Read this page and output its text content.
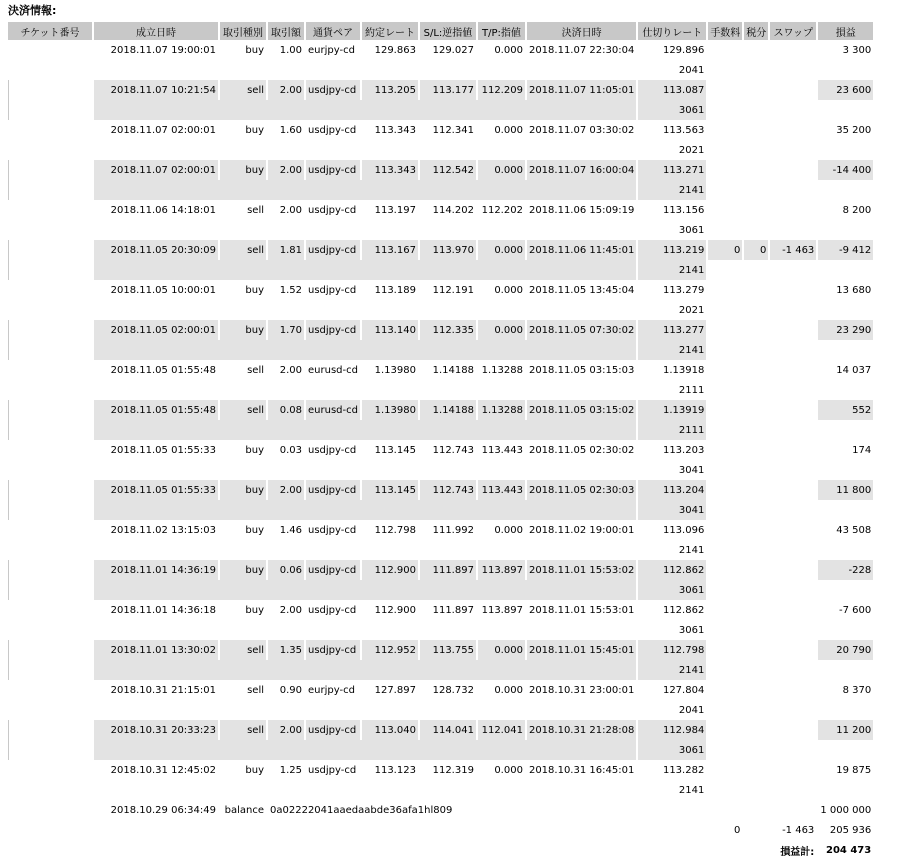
決済情報:
チケット番号	成立日時	取引種別	取引額	通貨ペア	約定レート	S/L:逆指値	T/P:指値	決済日時	仕切りレート	手数料	税分	スワップ	損益
	2018.11.07 19:00:01	buy	1.00	eurjpy-cd	129.863	129.027	0.000	2018.11.07 22:30:04	129.896				3 300
									2041				
	2018.11.07 10:21:54	sell	2.00	usdjpy-cd	113.205	113.177	112.209	2018.11.07 11:05:01	113.087				23 600
									3061				
	2018.11.07 02:00:01	buy	1.60	usdjpy-cd	113.343	112.341	0.000	2018.11.07 03:30:02	113.563				35 200
									2021				
	2018.11.07 02:00:01	buy	2.00	usdjpy-cd	113.343	112.542	0.000	2018.11.07 16:00:04	113.271				-14 400
									2141				
	2018.11.06 14:18:01	sell	2.00	usdjpy-cd	113.197	114.202	112.202	2018.11.06 15:09:19	113.156				8 200
									3061				
	2018.11.05 20:30:09	sell	1.81	usdjpy-cd	113.167	113.970	0.000	2018.11.06 11:45:01	113.219	0	0	-1 463	-9 412
									2141				
	2018.11.05 10:00:01	buy	1.52	usdjpy-cd	113.189	112.191	0.000	2018.11.05 13:45:04	113.279				13 680
									2021				
	2018.11.05 02:00:01	buy	1.70	usdjpy-cd	113.140	112.335	0.000	2018.11.05 07:30:02	113.277				23 290
									2141				
	2018.11.05 01:55:48	sell	2.00	eurusd-cd	1.13980	1.14188	1.13288	2018.11.05 03:15:03	1.13918				14 037
									2111				
	2018.11.05 01:55:48	sell	0.08	eurusd-cd	1.13980	1.14188	1.13288	2018.11.05 03:15:02	1.13919				552
									2111				
	2018.11.05 01:55:33	buy	0.03	usdjpy-cd	113.145	112.743	113.443	2018.11.05 02:30:02	113.203				174
									3041				
	2018.11.05 01:55:33	buy	2.00	usdjpy-cd	113.145	112.743	113.443	2018.11.05 02:30:03	113.204				11 800
									3041				
	2018.11.02 13:15:03	buy	1.46	usdjpy-cd	112.798	111.992	0.000	2018.11.02 19:00:01	113.096				43 508
									2141				
	2018.11.01 14:36:19	buy	0.06	usdjpy-cd	112.900	111.897	113.897	2018.11.01 15:53:02	112.862				-228
									3061				
	2018.11.01 14:36:18	buy	2.00	usdjpy-cd	112.900	111.897	113.897	2018.11.01 15:53:01	112.862				-7 600
									3061				
	2018.11.01 13:30:02	sell	1.35	usdjpy-cd	112.952	113.755	0.000	2018.11.01 15:45:01	112.798				20 790
									2141				
	2018.10.31 21:15:01	sell	0.90	eurjpy-cd	127.897	128.732	0.000	2018.10.31 23:00:01	127.804				8 370
									2041				
	2018.10.31 20:33:23	sell	2.00	usdjpy-cd	113.040	114.041	112.041	2018.10.31 21:28:08	112.984				11 200
									3061				
	2018.10.31 12:45:02	buy	1.25	usdjpy-cd	113.123	112.319	0.000	2018.10.31 16:45:01	113.282				19 875
									2141				
	2018.10.29 06:34:49	balance	0a02222041aaedaabde36afa1hl809										1 000 000
										0		-1 463	205 936
											損益計:		204 473
